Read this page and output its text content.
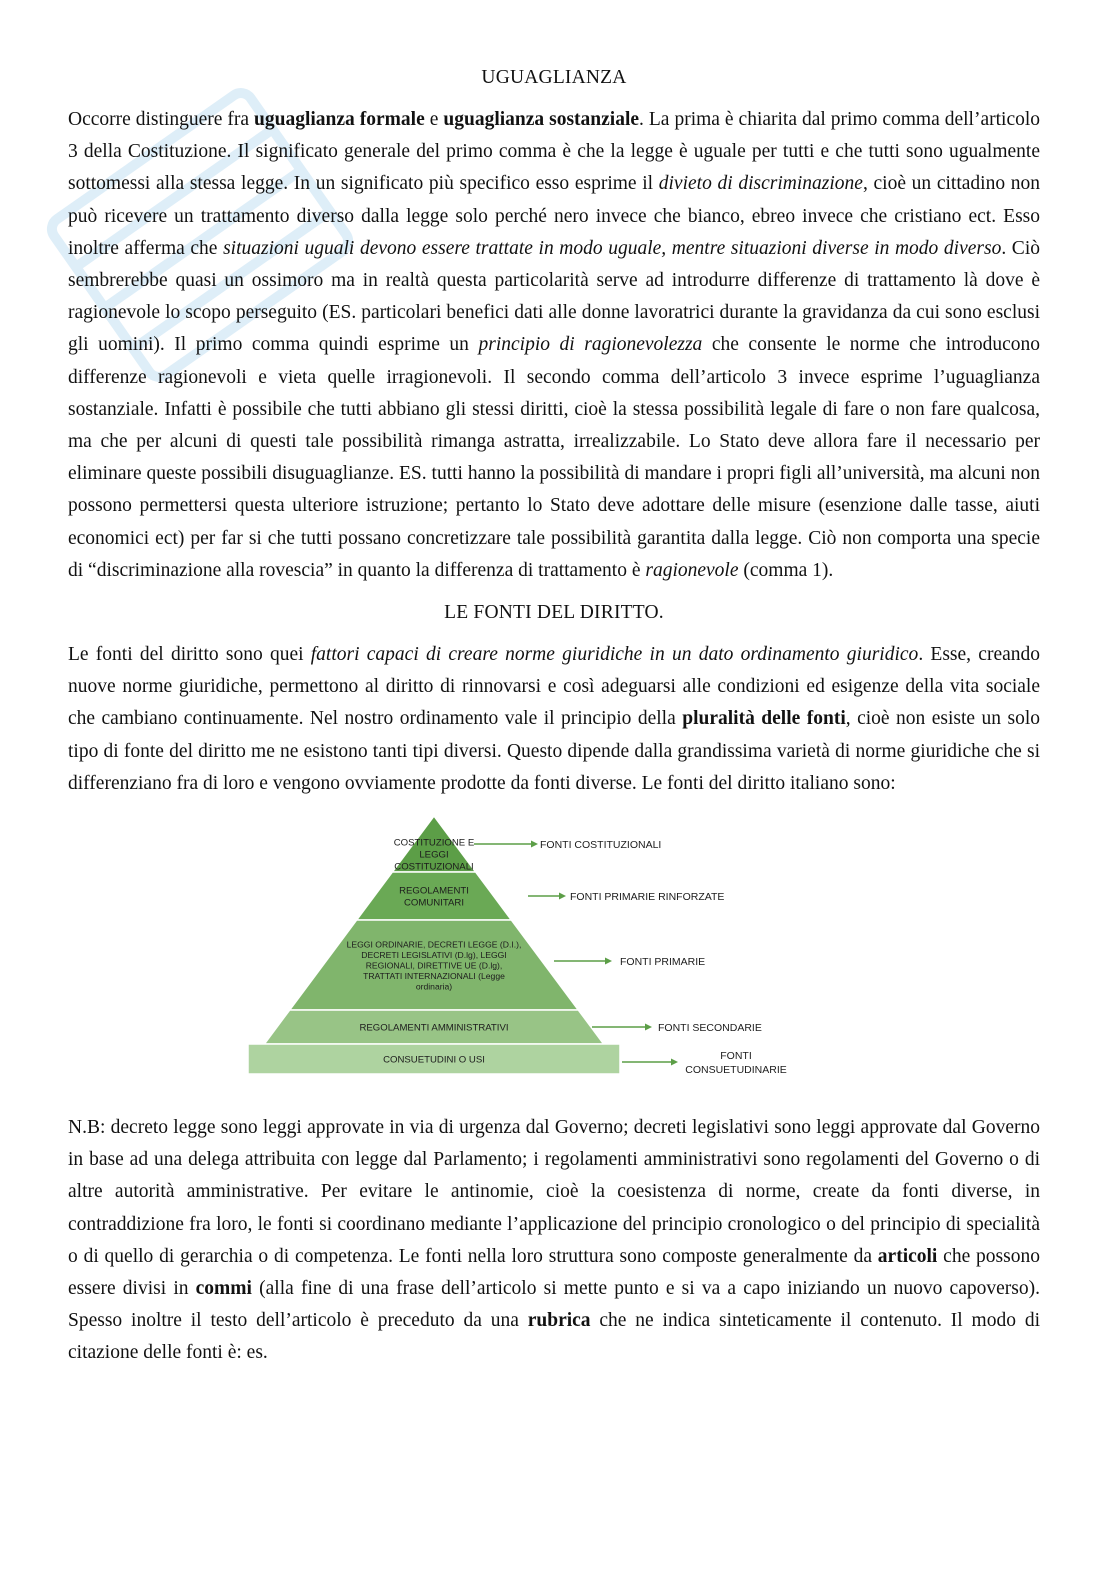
UGUAGLIANZA

Occorre distinguere fra uguaglianza formale e uguaglianza sostanziale. La prima è chiarita dal primo comma dell’articolo 3 della Costituzione. Il significato generale del primo comma è che la legge è uguale per tutti e che tutti sono ugualmente sottomessi alla stessa legge. In un significato più specifico esso esprime il divieto di discriminazione, cioè un cittadino non può ricevere un trattamento diverso dalla legge solo perché nero invece che bianco, ebreo invece che cristiano ect. Esso inoltre afferma che situazioni uguali devono essere trattate in modo uguale, mentre situazioni diverse in modo diverso. Ciò sembrerebbe quasi un ossimoro ma in realtà questa particolarità serve ad introdurre differenze di trattamento là dove è ragionevole lo scopo perseguito (ES. particolari benefici dati alle donne lavoratrici durante la gravidanza da cui sono esclusi gli uomini). Il primo comma quindi esprime un principio di ragionevolezza che consente le norme che introducono differenze ragionevoli e vieta quelle irragionevoli. Il secondo comma dell’articolo 3 invece esprime l’uguaglianza sostanziale. Infatti è possibile che tutti abbiano gli stessi diritti, cioè la stessa possibilità legale di fare o non fare qualcosa, ma che per alcuni di questi tale possibilità rimanga astratta, irrealizzabile. Lo Stato deve allora fare il necessario per eliminare queste possibili disuguaglianze. ES. tutti hanno la possibilità di mandare i propri figli all’università, ma alcuni non possono permettersi questa ulteriore istruzione; pertanto lo Stato deve adottare delle misure (esenzione dalle tasse, aiuti economici ect) per far si che tutti possano concretizzare tale possibilità garantita dalla legge. Ciò non comporta una specie di “discriminazione alla rovescia” in quanto la differenza di trattamento è ragionevole (comma 1).

LE FONTI DEL DIRITTO.

Le fonti del diritto sono quei fattori capaci di creare norme giuridiche in un dato ordinamento giuridico. Esse, creando nuove norme giuridiche, permettono al diritto di rinnovarsi e così adeguarsi alle condizioni ed esigenze della vita sociale che cambiano continuamente. Nel nostro ordinamento vale il principio della pluralità delle fonti, cioè non esiste un solo tipo di fonte del diritto me ne esistono tanti tipi diversi. Questo dipende dalla grandissima varietà di norme giuridiche che si differenziano fra di loro e vengono ovviamente prodotte da fonti diverse. Le fonti del diritto italiano sono:

COSTITUZIONE E
LEGGI
COSTITUZIONALI
FONTI COSTITUZIONALI
REGOLAMENTI
COMUNITARI	FONTI PRIMARIE RINFORZATE
LEGGI ORDINARIE, DECRETI LEGGE (D.I.),
DECRETI LEGISLATIVI (D.lg), LEGGI
REGIONALI, DIRETTIVE UE (D.lg),
TRATTATI INTERNAZIONALI (Legge
ordinaria)
FONTI PRIMARIE
REGOLAMENTI AMMINISTRATIVI	FONTI SECONDARIE
CONSUETUDINI O USI	FONTI
CONSUETUDINARIE

N.B: decreto legge sono leggi approvate in via di urgenza dal Governo; decreti legislativi sono leggi approvate dal Governo in base ad una delega attribuita con legge dal Parlamento; i regolamenti amministrativi sono regolamenti del Governo o di altre autorità amministrative. Per evitare le antinomie, cioè la coesistenza di norme, create da fonti diverse, in contraddizione fra loro, le fonti si coordinano mediante l’applicazione del principio cronologico o del principio di specialità o di quello di gerarchia o di competenza. Le fonti nella loro struttura sono composte generalmente da articoli che possono essere divisi in commi (alla fine di una frase dell’articolo si mette punto e si va a capo iniziando un nuovo capoverso). Spesso inoltre il testo dell’articolo è preceduto da una rubrica che ne indica sinteticamente il contenuto. Il modo di citazione delle fonti è: es.
